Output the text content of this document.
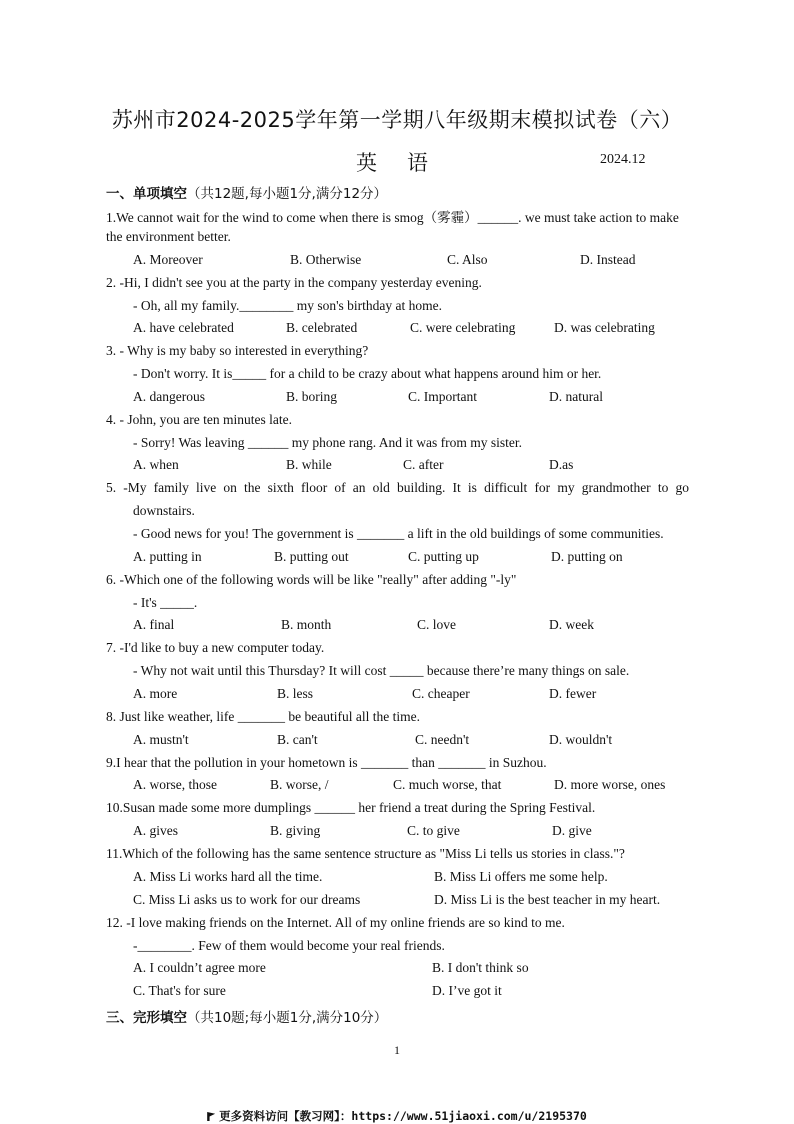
苏州市2024-2025学年第一学期八年级期末模拟试卷（六）
英语	2024.12
一、单项填空（共12题,每小题1分,满分12分）
1.We cannot wait for the wind to come when there is smog（雾霾）______. we must take action to make
the environment better.
A. Moreover	B. Otherwise	C. Also	D. Instead
2. -Hi, I didn't see you at the party in the company yesterday evening.
- Oh, all my family.________ my son's birthday at home.
A. have celebrated	B. celebrated	C. were celebrating	D. was celebrating
3. - Why is my baby so interested in everything?
- Don't worry. It is_____ for a child to be crazy about what happens around him or her.
A. dangerous	B. boring	C. Important	D. natural
4. - John, you are ten minutes late.
- Sorry! Was leaving ______ my phone rang. And it was from my sister.
A. when	B. while	C. after	D.as
5. -My family live on the sixth floor of an old building. It is difficult for my grandmother to go
downstairs.
- Good news for you! The government is _______ a lift in the old buildings of some communities.
A. putting in	B. putting out	C. putting up	D. putting on
6. -Which one of the following words will be like "really" after adding "-ly"
- It's _____.
A. final	B. month	C. love	D. week
7. -I'd like to buy a new computer today.
- Why not wait until this Thursday? It will cost _____ because there’re many things on sale.
A. more	B. less	C. cheaper	D. fewer
8. Just like weather, life _______ be beautiful all the time.
A. mustn't	B. can't	C. needn't	D. wouldn't
9.I hear that the pollution in your hometown is _______ than _______ in Suzhou.
A. worse, those	B. worse, /	C. much worse, that	D. more worse, ones
10.Susan made some more dumplings ______ her friend a treat during the Spring Festival.
A. gives	B. giving	C. to give	D. give
11.Which of the following has the same sentence structure as "Miss Li tells us stories in class."?
A. Miss Li works hard all the time.	B. Miss Li offers me some help.
C. Miss Li asks us to work for our dreams	D. Miss Li is the best teacher in my heart.
12. -I love making friends on the Internet. All of my online friends are so kind to me.
-________. Few of them would become your real friends.
A. I couldn’t agree more	B. I don't think so
C. That's for sure	D. I’ve got it
三、完形填空（共10题;每小题1分,满分10分）
1
更多资料访问【教习网】：https://www.51jiaoxi.com/u/2195370
